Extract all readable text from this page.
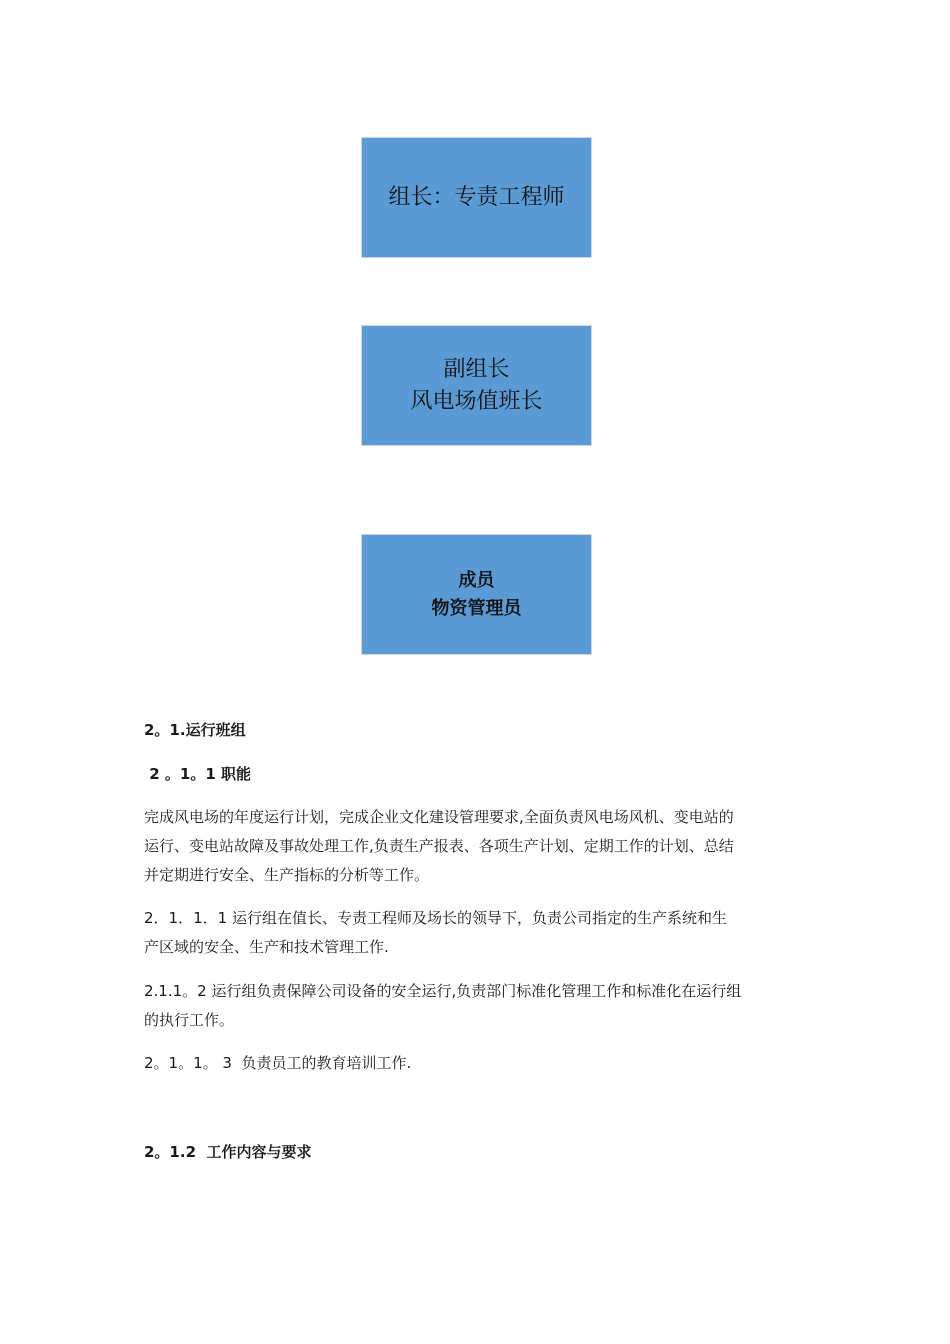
组长：专责工程师
副组长
风电场值班长
成员
物资管理员
2。1.运行班组
2 。1。1 职能
完成风电场的年度运行计划，完成企业文化建设管理要求,全面负责风电场风机、变电站的
运行、变电站故障及事故处理工作,负责生产报表、各项生产计划、定期工作的计划、总结
并定期进行安全、生产指标的分析等工作。
2．1．1．1 运行组在值长、专责工程师及场长的领导下，负责公司指定的生产系统和生
产区域的安全、生产和技术管理工作.
2.1.1。2 运行组负责保障公司设备的安全运行,负责部门标准化管理工作和标准化在运行组
的执行工作。
2。1。1。 3  负责员工的教育培训工作.
2。1.2  工作内容与要求
